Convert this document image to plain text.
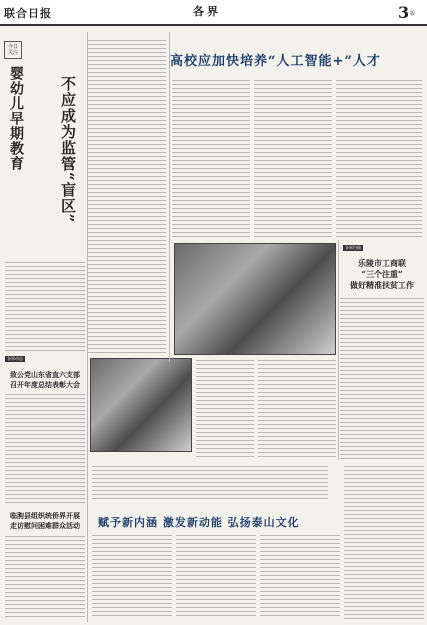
联合日报	各界	3 版
今日
关注
不应成为监管“盲区”
婴幼儿早期教育
高校应加快培养“人工智能+”人才
各界扫描
乐陵市工商联
“三个注重”
做好精准扶贫工作
各界动态
致公党山东省直六支部
召开年度总结表彰大会
赋予新内涵 激发新动能 弘扬泰山文化
临朐县组织统侨界开展
走访慰问困难群众活动
